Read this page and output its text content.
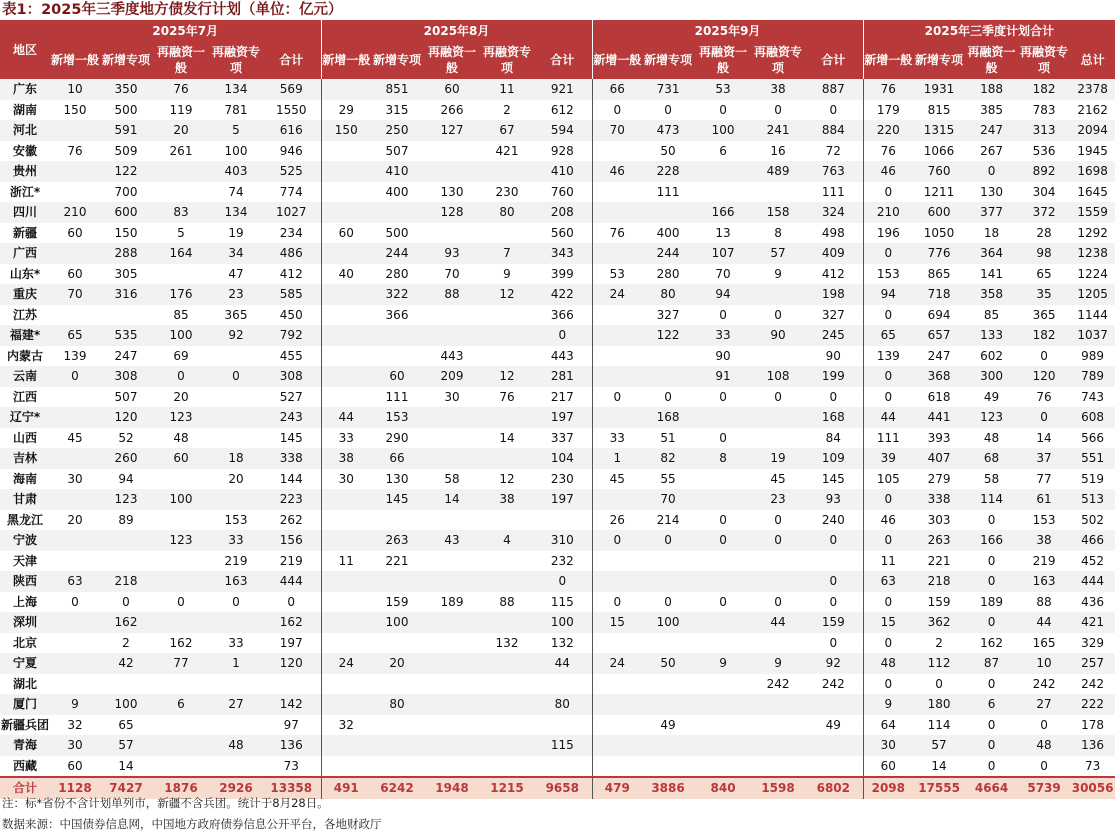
表1：2025年三季度地方债发行计划（单位：亿元）
地区	2025年7月					2025年8月					2025年9月					2025年三季度计划合计				
	新增一般	新增专项	再融资一般	再融资专项	合计	新增一般	新增专项	再融资一般	再融资专项	合计	新增一般	新增专项	再融资一般	再融资专项	合计	新增一般	新增专项	再融资一般	再融资专项	总计
广东	10	350	76	134	569		851	60	11	921	66	731	53	38	887	76	1931	188	182	2378
湖南	150	500	119	781	1550	29	315	266	2	612	0	0	0	0	0	179	815	385	783	2162
河北		591	20	5	616	150	250	127	67	594	70	473	100	241	884	220	1315	247	313	2094
安徽	76	509	261	100	946		507		421	928		50	6	16	72	76	1066	267	536	1945
贵州		122		403	525		410			410	46	228		489	763	46	760	0	892	1698
浙江*		700		74	774		400	130	230	760		111			111	0	1211	130	304	1645
四川	210	600	83	134	1027			128	80	208			166	158	324	210	600	377	372	1559
新疆	60	150	5	19	234	60	500			560	76	400	13	8	498	196	1050	18	28	1292
广西		288	164	34	486		244	93	7	343		244	107	57	409	0	776	364	98	1238
山东*	60	305		47	412	40	280	70	9	399	53	280	70	9	412	153	865	141	65	1224
重庆	70	316	176	23	585		322	88	12	422	24	80	94		198	94	718	358	35	1205
江苏			85	365	450		366			366		327	0	0	327	0	694	85	365	1144
福建*	65	535	100	92	792					0		122	33	90	245	65	657	133	182	1037
内蒙古	139	247	69		455			443		443			90		90	139	247	602	0	989
云南	0	308	0	0	308		60	209	12	281			91	108	199	0	368	300	120	789
江西		507	20		527		111	30	76	217	0	0	0	0	0	0	618	49	76	743
辽宁*		120	123		243	44	153			197		168			168	44	441	123	0	608
山西	45	52	48		145	33	290		14	337	33	51	0		84	111	393	48	14	566
吉林		260	60	18	338	38	66			104	1	82	8	19	109	39	407	68	37	551
海南	30	94		20	144	30	130	58	12	230	45	55		45	145	105	279	58	77	519
甘肃		123	100		223		145	14	38	197		70		23	93	0	338	114	61	513
黑龙江	20	89		153	262						26	214	0	0	240	46	303	0	153	502
宁波			123	33	156		263	43	4	310	0	0	0	0	0	0	263	166	38	466
天津				219	219	11	221			232						11	221	0	219	452
陕西	63	218		163	444					0					0	63	218	0	163	444
上海	0	0	0	0	0		159	189	88	115	0	0	0	0	0	0	159	189	88	436
深圳		162			162		100			100	15	100		44	159	15	362	0	44	421
北京		2	162	33	197				132	132					0	0	2	162	165	329
宁夏		42	77	1	120	24	20			44	24	50	9	9	92	48	112	87	10	257
湖北														242	242	0	0	0	242	242
厦门	9	100	6	27	142		80			80						9	180	6	27	222
新疆兵团	32	65			97	32						49			49	64	114	0	0	178
青海	30	57		48	136					115						30	57	0	48	136
西藏	60	14			73											60	14	0	0	73
合计	1128	7427	1876	2926	13358	491	6242	1948	1215	9658	479	3886	840	1598	6802	2098	17555	4664	5739	30056
注：标*省份不含计划单列市，新疆不含兵团。统计于8月28日。
数据来源：中国债券信息网，中国地方政府债券信息公开平台，各地财政厅
